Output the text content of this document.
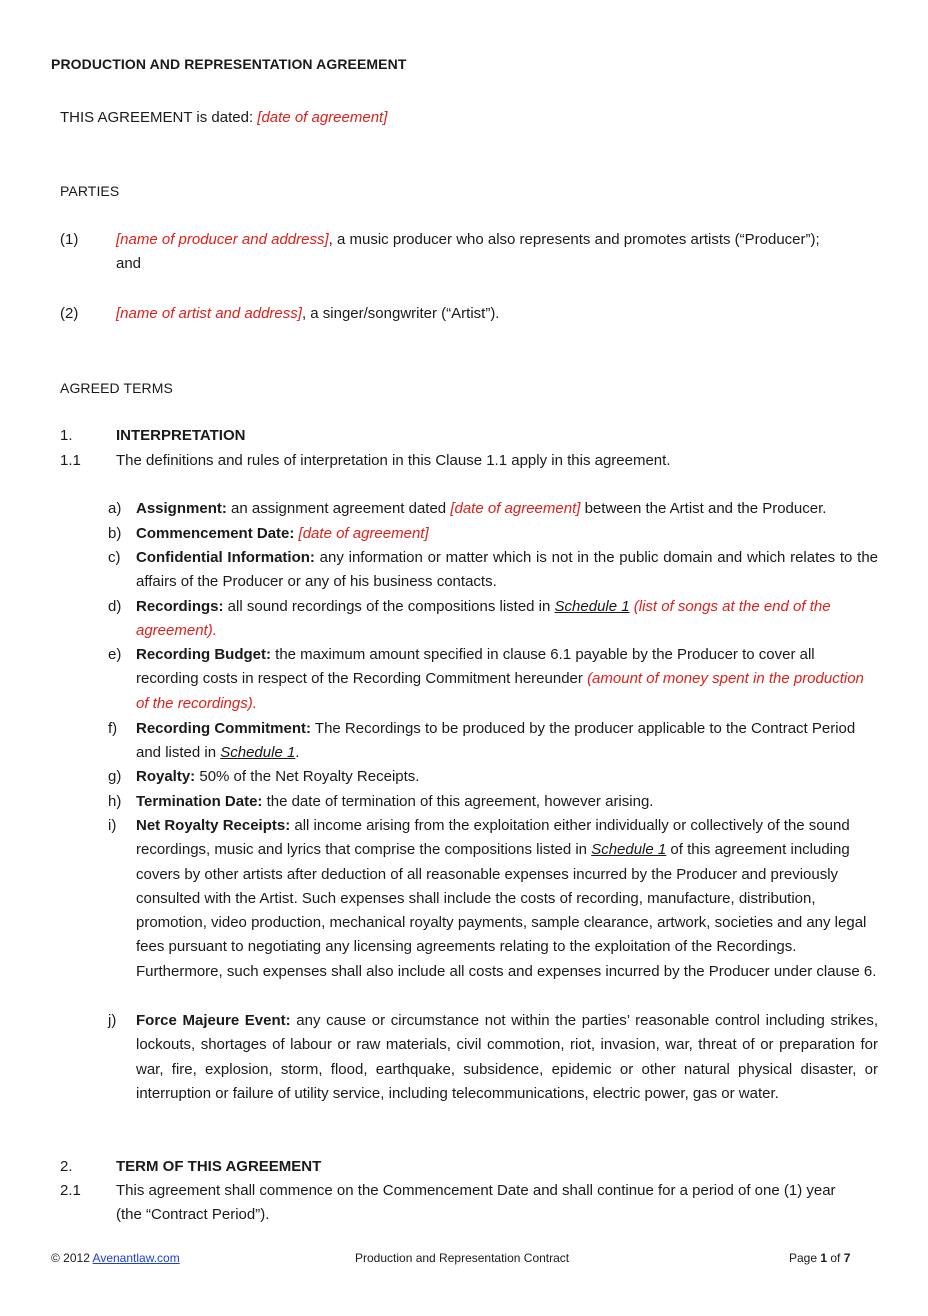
PRODUCTION AND REPRESENTATION AGREEMENT
THIS AGREEMENT is dated: [date of agreement]
PARTIES
(1)	[name of producer and address], a music producer who also represents and promotes artists (“Producer”);
and
(2)	[name of artist and address], a singer/songwriter (“Artist”).
AGREED TERMS
1.	INTERPRETATION
1.1 The definitions and rules of interpretation in this Clause 1.1 apply in this agreement.
a)
b)
c)
d)
e)
f)
g)
h)
i)
j)
Assignment: an assignment agreement dated [date of agreement] between the Artist and the Producer.
Commencement Date: [date of agreement]
Confidential Information: any information or matter which is not in the public domain and which relates to the affairs of the Producer or any of his business contacts.
Recordings: all sound recordings of the compositions listed in Schedule 1 (list of songs at the end of the agreement).
Recording Budget: the maximum amount specified in clause 6.1 payable by the Producer to cover all recording costs in respect of the Recording Commitment hereunder (amount of money spent in the production of the recordings).
Recording Commitment: The Recordings to be produced by the producer applicable to the Contract Period and listed in Schedule 1.
Royalty: 50% of the Net Royalty Receipts.
Termination Date: the date of termination of this agreement, however arising.
Net Royalty Receipts: all income arising from the exploitation either individually or collectively of the sound recordings, music and lyrics that comprise the compositions listed in Schedule 1 of this agreement including covers by other artists after deduction of all reasonable expenses incurred by the Producer and previously consulted with the Artist. Such expenses shall include the costs of recording, manufacture, distribution, promotion, video production, mechanical royalty payments, sample clearance, artwork, societies and any legal fees pursuant to negotiating any licensing agreements relating to the exploitation of the Recordings. Furthermore, such expenses shall also include all costs and expenses incurred by the Producer under clause 6.
Force Majeure Event: any cause or circumstance not within the parties’ reasonable control including strikes, lockouts, shortages of labour or raw materials, civil commotion, riot, invasion, war, threat of or preparation for war, fire, explosion, storm, flood, earthquake, subsidence, epidemic or other natural physical disaster, or interruption or failure of utility service, including telecommunications, electric power, gas or water.
2.	TERM OF THIS AGREEMENT
2.1 This agreement shall commence on the Commencement Date and shall continue for a period of one (1) year (the “Contract Period”).
© 2012 Avenantlaw.com	Production and Representation Contract	Page 1 of 7
